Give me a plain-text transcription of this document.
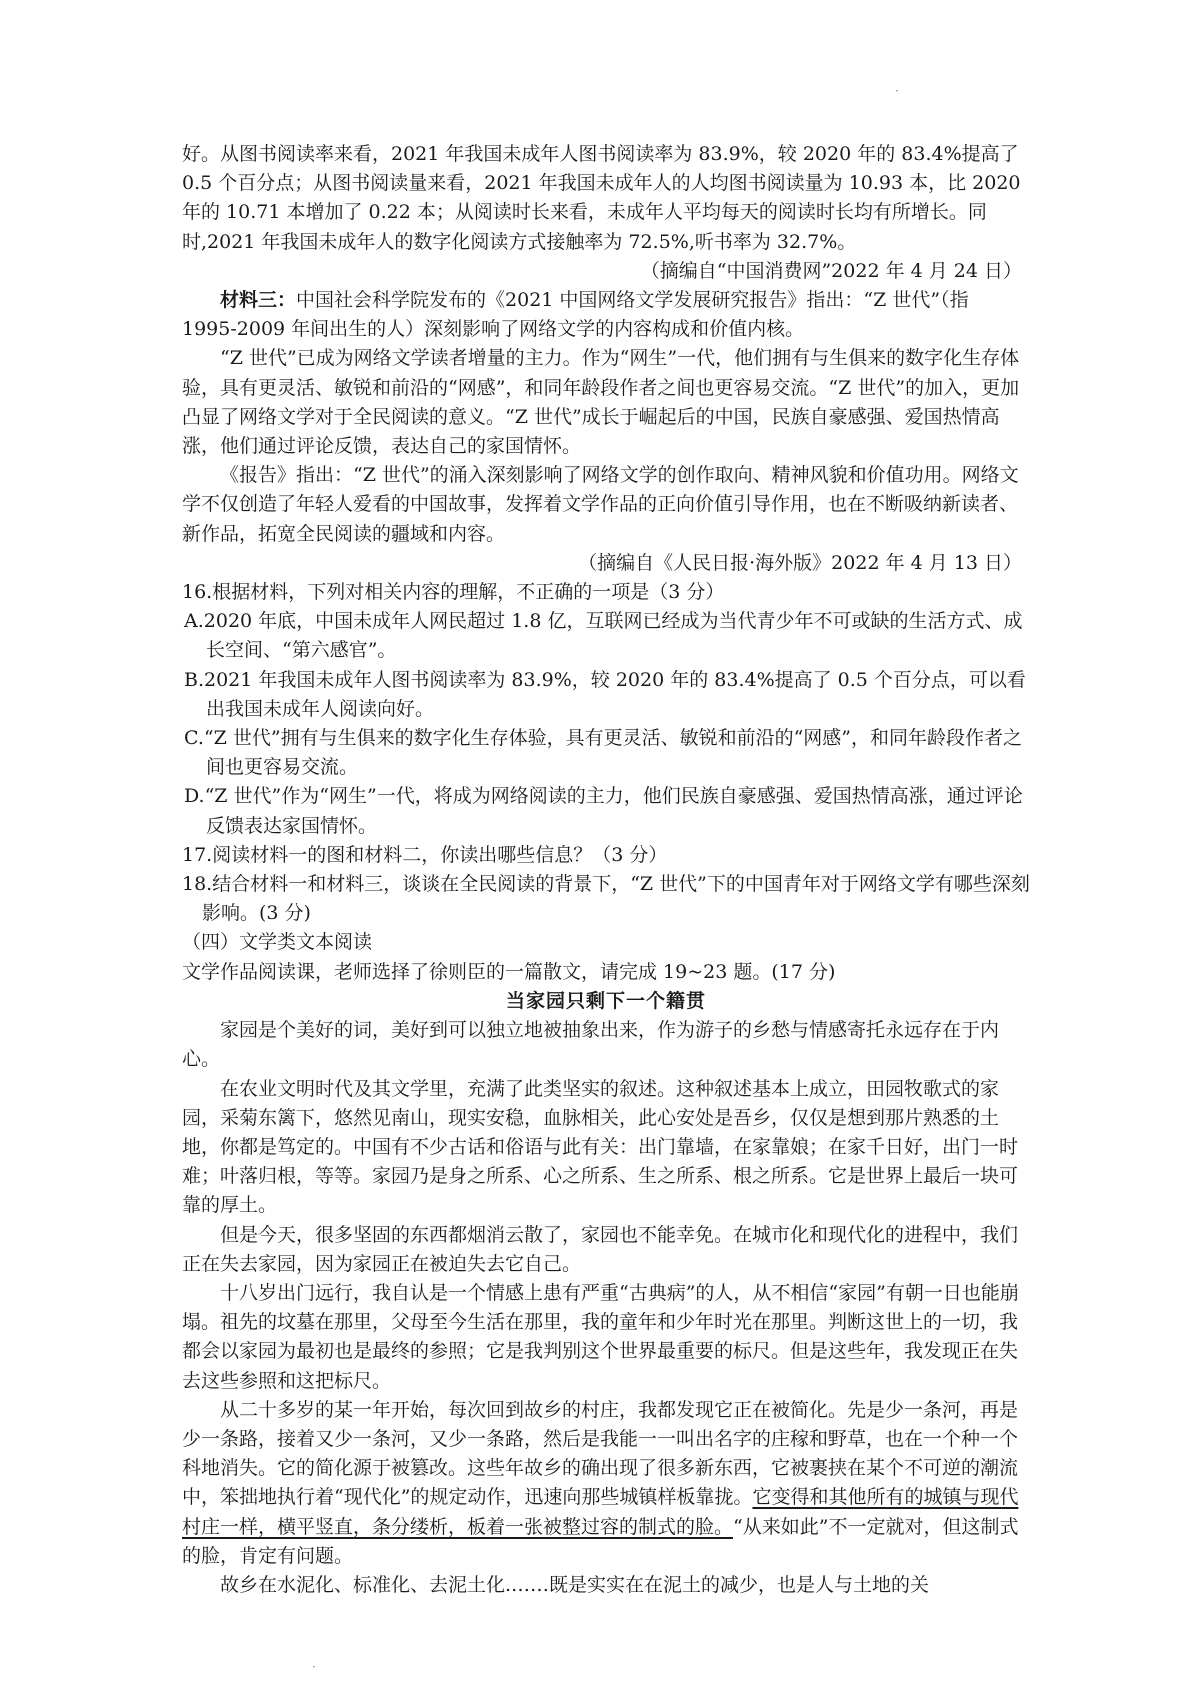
·
·

好。从图书阅读率来看，2021 年我国未成年人图书阅读率为 83.9%，较 2020 年的 83.4%提高了 0.5 个百分点；从图书阅读量来看，2021 年我国未成年人的人均图书阅读量为 10.93 本，比 2020 年的 10.71 本增加了 0.22 本；从阅读时长来看，未成年人平均每天的阅读时长均有所增长。同时,2021 年我国未成年人的数字化阅读方式接触率为 72.5%,听书率为 32.7%。

（摘编自“中国消费网”2022 年 4 月 24 日）

材料三：中国社会科学院发布的《2021 中国网络文学发展研究报告》指出：“Z 世代”（指

1995-2009 年间出生的人）深刻影响了网络文学的内容构成和价值内核。

“Z 世代”已成为网络文学读者增量的主力。作为“网生”一代，他们拥有与生俱来的数字化生存体验，具有更灵活、敏锐和前沿的“网感”，和同年龄段作者之间也更容易交流。“Z 世代”的加入，更加凸显了网络文学对于全民阅读的意义。“Z 世代”成长于崛起后的中国，民族自豪感强、爱国热情高涨，他们通过评论反馈，表达自己的家国情怀。

《报告》指出：“Z 世代”的涌入深刻影响了网络文学的创作取向、精神风貌和价值功用。网络文学不仅创造了年轻人爱看的中国故事，发挥着文学作品的正向价值引导作用，也在不断吸纳新读者、新作品，拓宽全民阅读的疆域和内容。

（摘编自《人民日报·海外版》2022 年 4 月 13 日）

16.根据材料，下列对相关内容的理解，不正确的一项是（3 分）

A.2020 年底，中国未成年人网民超过 1.8 亿，互联网已经成为当代青少年不可或缺的生活方式、成长空间、“第六感官”。

B.2021 年我国未成年人图书阅读率为 83.9%，较 2020 年的 83.4%提高了 0.5 个百分点，可以看出我国未成年人阅读向好。

C.“Z 世代”拥有与生俱来的数字化生存体验，具有更灵活、敏锐和前沿的“网感”，和同年龄段作者之间也更容易交流。

D.“Z 世代”作为“网生”一代，将成为网络阅读的主力，他们民族自豪感强、爱国热情高涨，通过评论反馈表达家国情怀。

17.阅读材料一的图和材料二，你读出哪些信息？（3 分）

18.结合材料一和材料三，谈谈在全民阅读的背景下，“Z 世代”下的中国青年对于网络文学有哪些深刻影响。(3 分)

（四）文学类文本阅读

文学作品阅读课，老师选择了徐则臣的一篇散文，请完成 19~23 题。(17 分)

当家园只剩下一个籍贯

家园是个美好的词，美好到可以独立地被抽象出来，作为游子的乡愁与情感寄托永远存在于内心。

在农业文明时代及其文学里，充满了此类坚实的叙述。这种叙述基本上成立，田园牧歌式的家园，采菊东篱下，悠然见南山，现实安稳，血脉相关，此心安处是吾乡，仅仅是想到那片熟悉的土地，你都是笃定的。中国有不少古话和俗语与此有关：出门靠墙，在家靠娘；在家千日好，出门一时难；叶落归根，等等。家园乃是身之所系、心之所系、生之所系、根之所系。它是世界上最后一块可靠的厚土。

但是今天，很多坚固的东西都烟消云散了，家园也不能幸免。在城市化和现代化的进程中，我们正在失去家园，因为家园正在被迫失去它自己。

十八岁出门远行，我自认是一个情感上患有严重“古典病”的人，从不相信“家园”有朝一日也能崩塌。祖先的坟墓在那里，父母至今生活在那里，我的童年和少年时光在那里。判断这世上的一切，我都会以家园为最初也是最终的参照；它是我判别这个世界最重要的标尺。但是这些年，我发现正在失去这些参照和这把标尺。

从二十多岁的某一年开始，每次回到故乡的村庄，我都发现它正在被简化。先是少一条河，再是少一条路，接着又少一条河，又少一条路，然后是我能一一叫出名字的庄稼和野草，也在一个种一个科地消失。它的简化源于被篡改。这些年故乡的确出现了很多新东西，它被裹挟在某个不可逆的潮流中，笨拙地执行着“现代化”的规定动作，迅速向那些城镇样板靠拢。它变得和其他所有的城镇与现代村庄一样，横平竖直，条分缕析，板着一张被整过容的制式的脸。“从来如此”不一定就对，但这制式的脸，肯定有问题。

故乡在水泥化、标准化、去泥土化.……既是实实在在泥土的减少，也是人与土地的关
